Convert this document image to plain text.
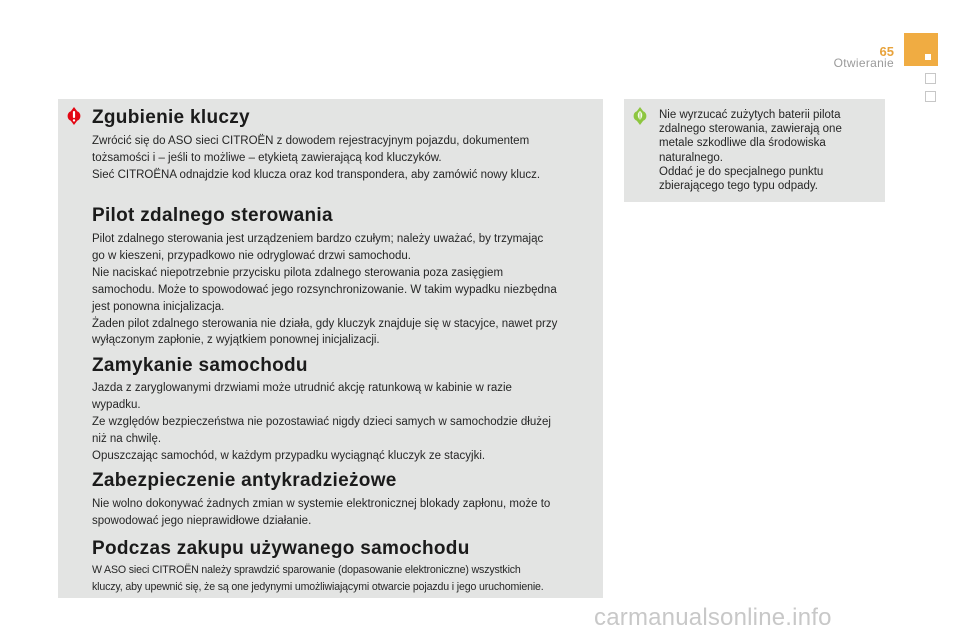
65
Otwieranie
Zgubienie kluczy

Zwrócić się do ASO sieci CITROËN z dowodem rejestracyjnym pojazdu, dokumentem
tożsamości i – jeśli to możliwe – etykietą zawierającą kod kluczyków.
Sieć CITROËNA odnajdzie kod klucza oraz kod transpondera, aby zamówić nowy klucz.

Pilot zdalnego sterowania

Pilot zdalnego sterowania jest urządzeniem bardzo czułym; należy uważać, by trzymając
go w kieszeni, przypadkowo nie odryglować drzwi samochodu.
Nie naciskać niepotrzebnie przycisku pilota zdalnego sterowania poza zasięgiem
samochodu. Może to spowodować jego rozsynchronizowanie. W takim wypadku niezbędna
jest ponowna inicjalizacja.
Żaden pilot zdalnego sterowania nie działa, gdy kluczyk znajduje się w stacyjce, nawet przy
wyłączonym zapłonie, z wyjątkiem ponownej inicjalizacji.

Zamykanie samochodu

Jazda z zaryglowanymi drzwiami może utrudnić akcję ratunkową w kabinie w razie
wypadku.
Ze względów bezpieczeństwa nie pozostawiać nigdy dzieci samych w samochodzie dłużej
niż na chwilę.
Opuszczając samochód, w każdym przypadku wyciągnąć kluczyk ze stacyjki.

Zabezpieczenie antykradzieżowe

Nie wolno dokonywać żadnych zmian w systemie elektronicznej blokady zapłonu, może to
spowodować jego nieprawidłowe działanie.

Podczas zakupu używanego samochodu

W ASO sieci CITROËN należy sprawdzić sparowanie (dopasowanie elektroniczne) wszystkich
kluczy, aby upewnić się, że są one jedynymi umożliwiającymi otwarcie pojazdu i jego uruchomienie.

Nie wyrzucać zużytych baterii pilota
zdalnego sterowania, zawierają one
metale szkodliwe dla środowiska
naturalnego.
Oddać je do specjalnego punktu
zbierającego tego typu odpady.

carmanualsonline.info
